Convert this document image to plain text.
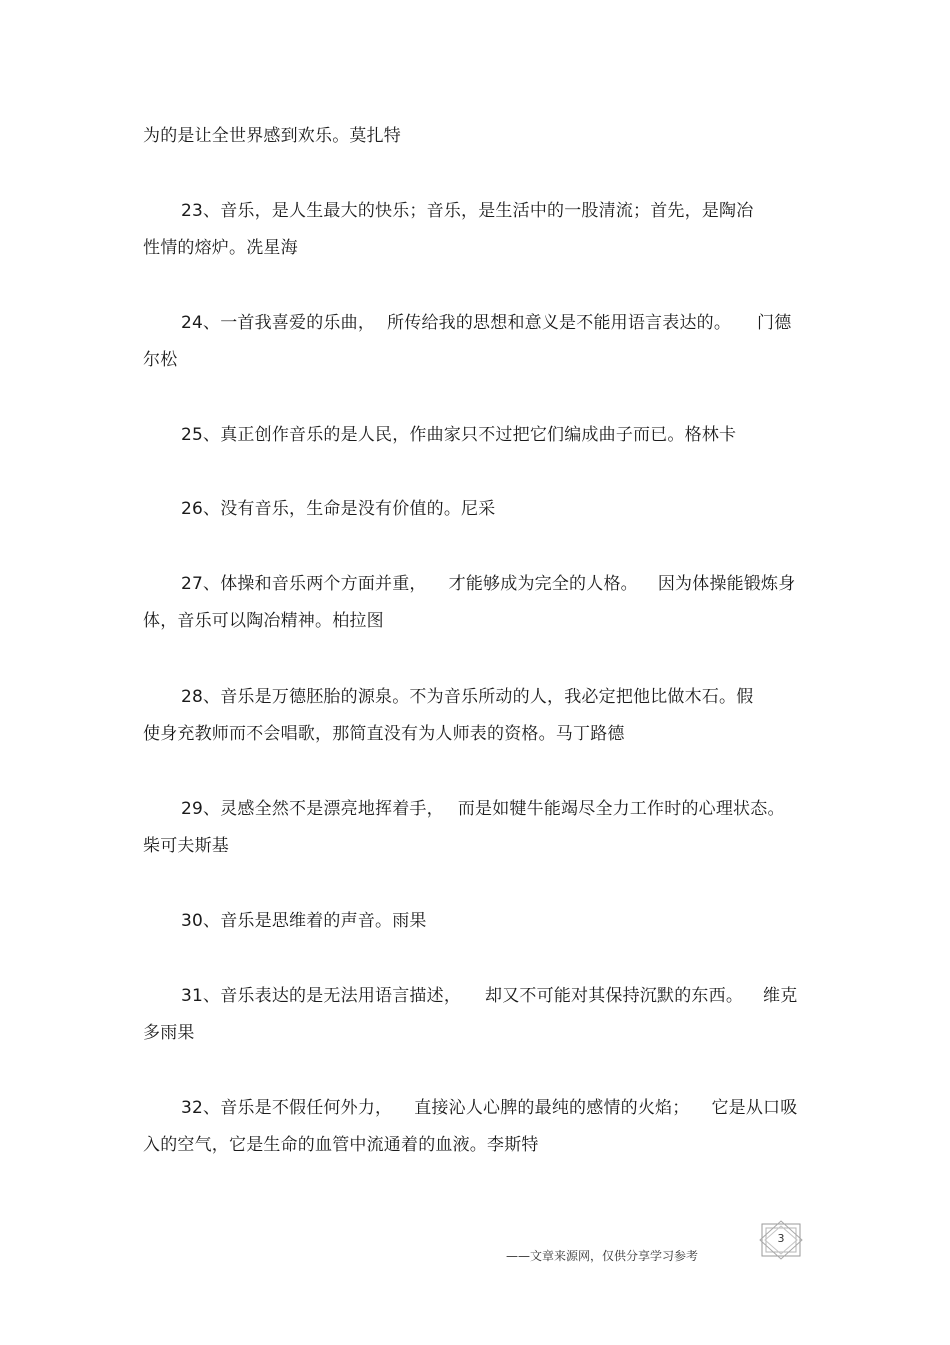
为的是让全世界感到欢乐。莫扎特
23、音乐，是人生最大的快乐；音乐，是生活中的一股清流；首先，是陶冶
性情的熔炉。冼星海
24、一首我喜爱的乐曲， 所传给我的思想和意义是不能用语言表达的。 门德
尔松
25、真正创作音乐的是人民，作曲家只不过把它们编成曲子而已。格林卡
26、没有音乐，生命是没有价值的。尼采
27、体操和音乐两个方面并重， 才能够成为完全的人格。 因为体操能锻炼身
体，音乐可以陶冶精神。柏拉图
28、音乐是万德胚胎的源泉。不为音乐所动的人，我必定把他比做木石。假
使身充教师而不会唱歌，那简直没有为人师表的资格。马丁路德
29、灵感全然不是漂亮地挥着手， 而是如犍牛能竭尽全力工作时的心理状态。
柴可夫斯基
30、音乐是思维着的声音。雨果
31、音乐表达的是无法用语言描述， 却又不可能对其保持沉默的东西。 维克
多雨果
32、音乐是不假任何外力， 直接沁人心脾的最纯的感情的火焰； 它是从口吸
入的空气，它是生命的血管中流通着的血液。李斯特
——文章来源网，仅供分享学习参考
3
